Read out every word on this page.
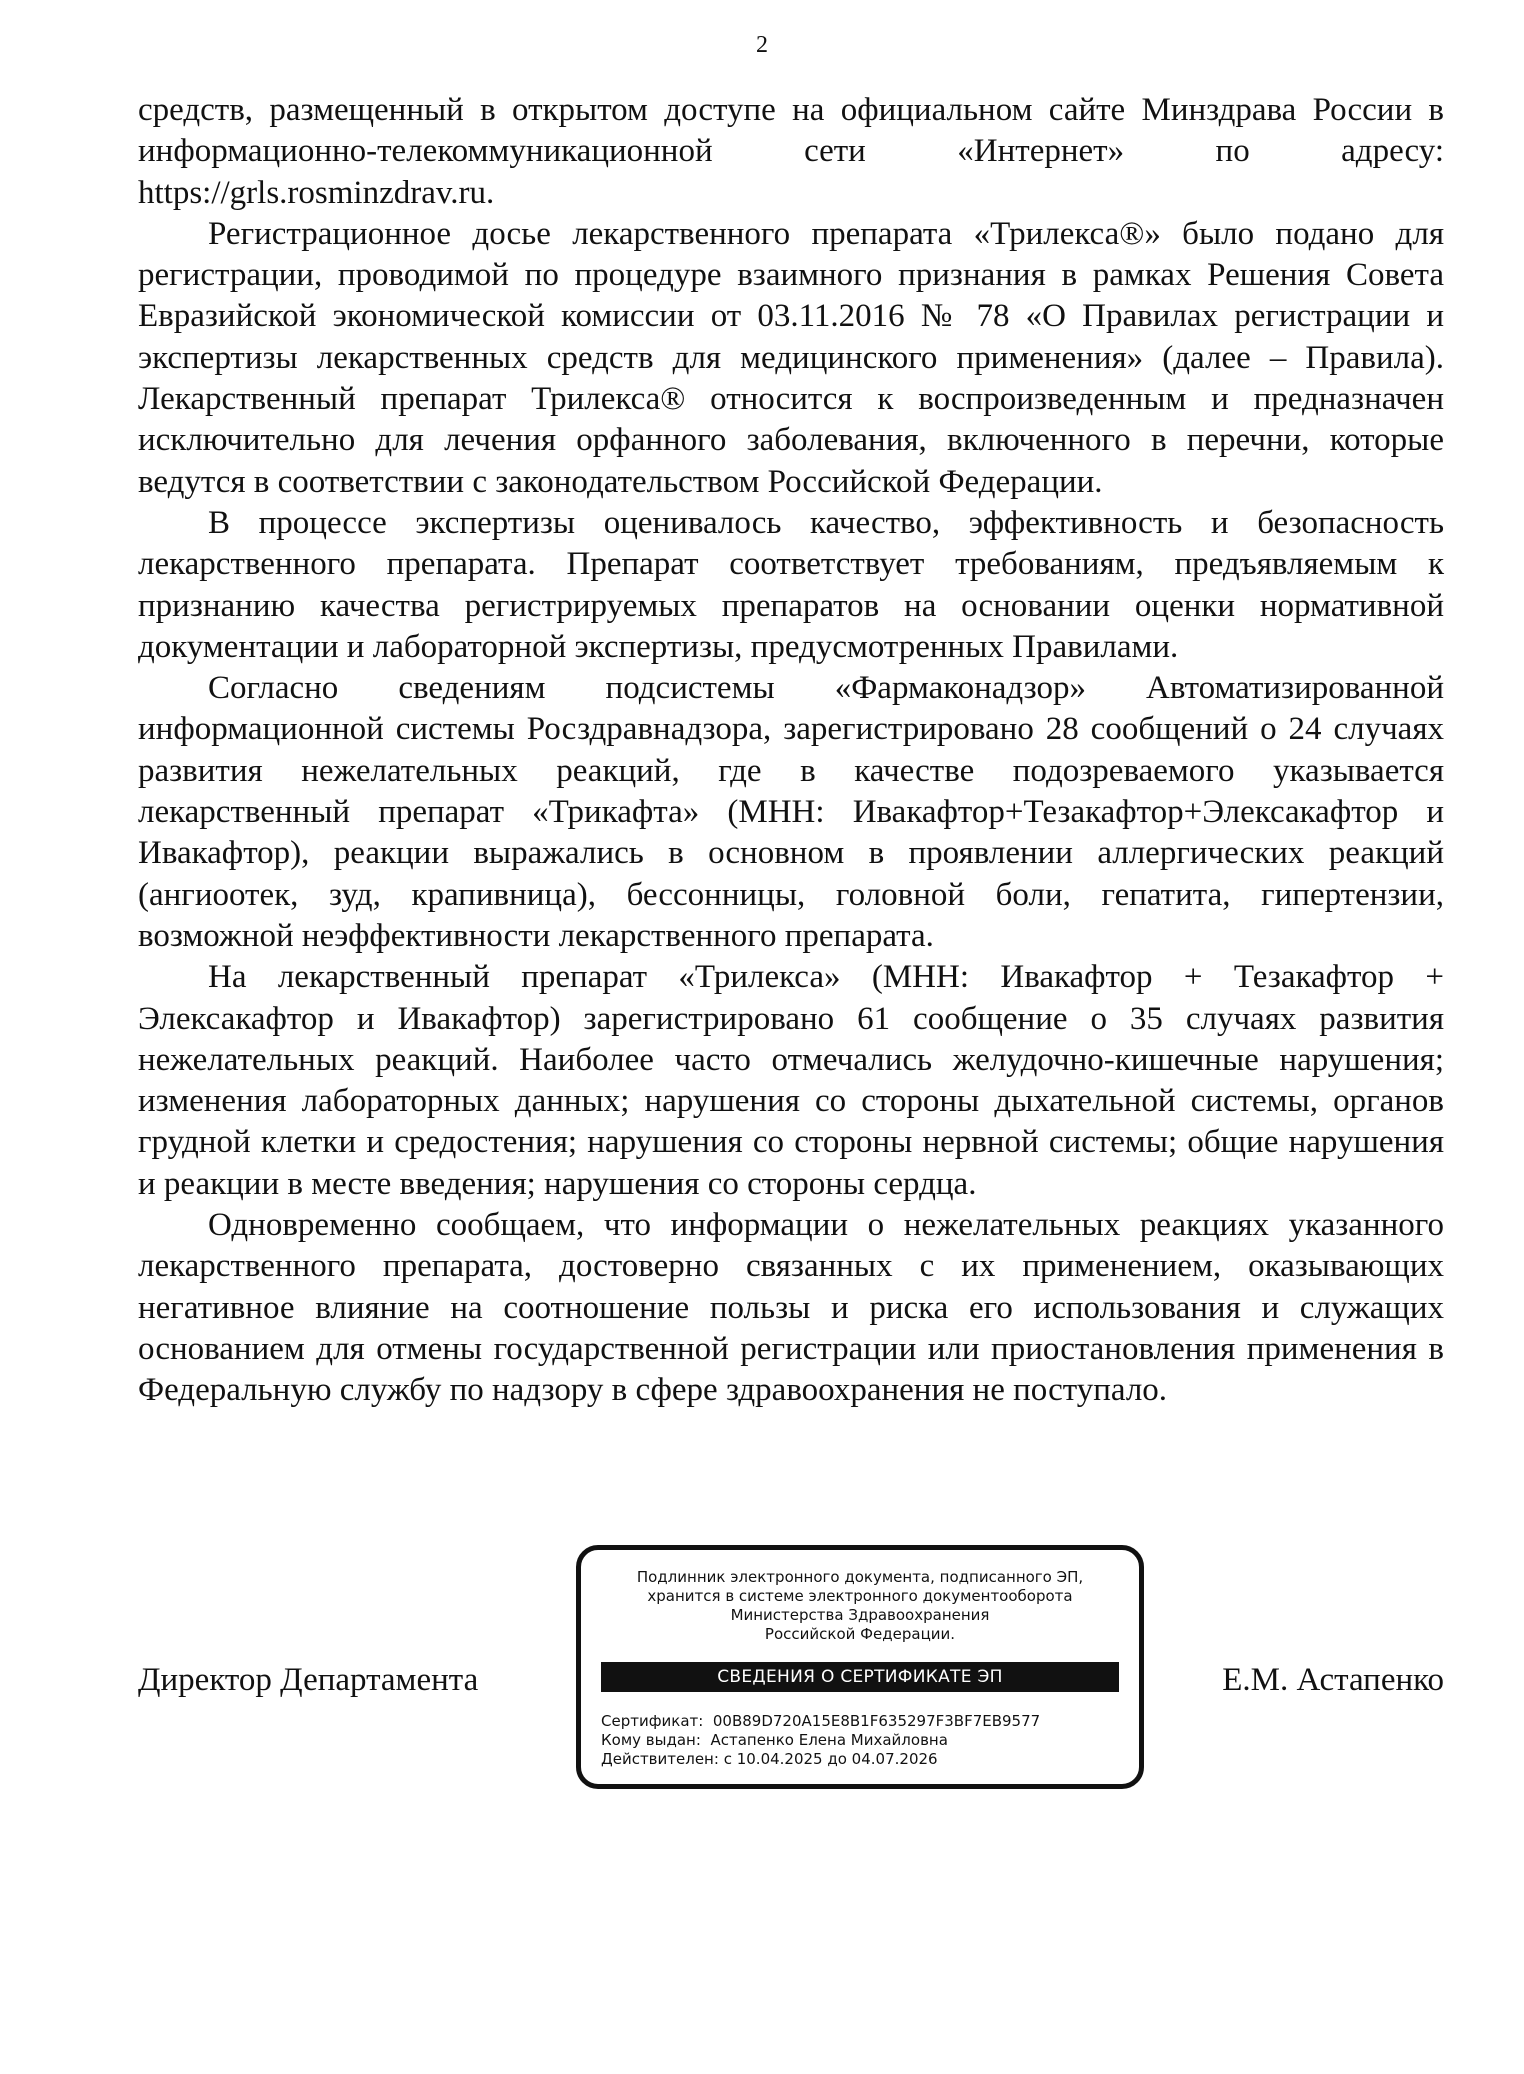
2

средств, размещенный в открытом доступе на официальном сайте Минздрава России в информационно-телекоммуникационной сети «Интернет» по адресу: https://grls.rosminzdrav.ru.

Регистрационное досье лекарственного препарата «Трилекса®» было подано для регистрации, проводимой по процедуре взаимного признания в рамках Решения Совета Евразийской экономической комиссии от 03.11.2016 № 78 «О Правилах регистрации и экспертизы лекарственных средств для медицинского применения» (далее – Правила). Лекарственный препарат Трилекса® относится к воспроизведенным и предназначен исключительно для лечения орфанного заболевания, включенного в перечни, которые ведутся в соответствии с законодательством Российской Федерации.

В процессе экспертизы оценивалось качество, эффективность и безопасность лекарственного препарата. Препарат соответствует требованиям, предъявляемым к признанию качества регистрируемых препаратов на основании оценки нормативной документации и лабораторной экспертизы, предусмотренных Правилами.

Согласно сведениям подсистемы «Фармаконадзор» Автоматизированной информационной системы Росздравнадзора, зарегистрировано 28 сообщений о 24 случаях развития нежелательных реакций, где в качестве подозреваемого указывается лекарственный препарат «Трикафта» (МНН: Ивакафтор+Тезакафтор+Элексакафтор и Ивакафтор), реакции выражались в основном в проявлении аллергических реакций (ангиоотек, зуд, крапивница), бессонницы, головной боли, гепатита, гипертензии, возможной неэффективности лекарственного препарата.

На лекарственный препарат «Трилекса» (МНН: Ивакафтор + Тезакафтор + Элексакафтор и Ивакафтор) зарегистрировано 61 сообщение о 35 случаях развития нежелательных реакций. Наиболее часто отмечались желудочно-кишечные нарушения; изменения лабораторных данных; нарушения со стороны дыхательной системы, органов грудной клетки и средостения; нарушения со стороны нервной системы; общие нарушения и реакции в месте введения; нарушения со стороны сердца.

Одновременно сообщаем, что информации о нежелательных реакциях указанного лекарственного препарата, достоверно связанных с их применением, оказывающих негативное влияние на соотношение пользы и риска его использования и служащих основанием для отмены государственной регистрации или приостановления применения в Федеральную службу по надзору в сфере здравоохранения не поступало.

Директор Департамента
Подлинник электронного документа, подписанного ЭП,
хранится в системе электронного документооборота
Министерства Здравоохранения
Российской Федерации.
СВЕДЕНИЯ О СЕРТИФИКАТЕ ЭП
Сертификат: 00B89D720A15E8B1F635297F3BF7EB9577
Кому выдан: Астапенко Елена Михайловна
Действителен: с 10.04.2025 до 04.07.2026
Е.М. Астапенко
